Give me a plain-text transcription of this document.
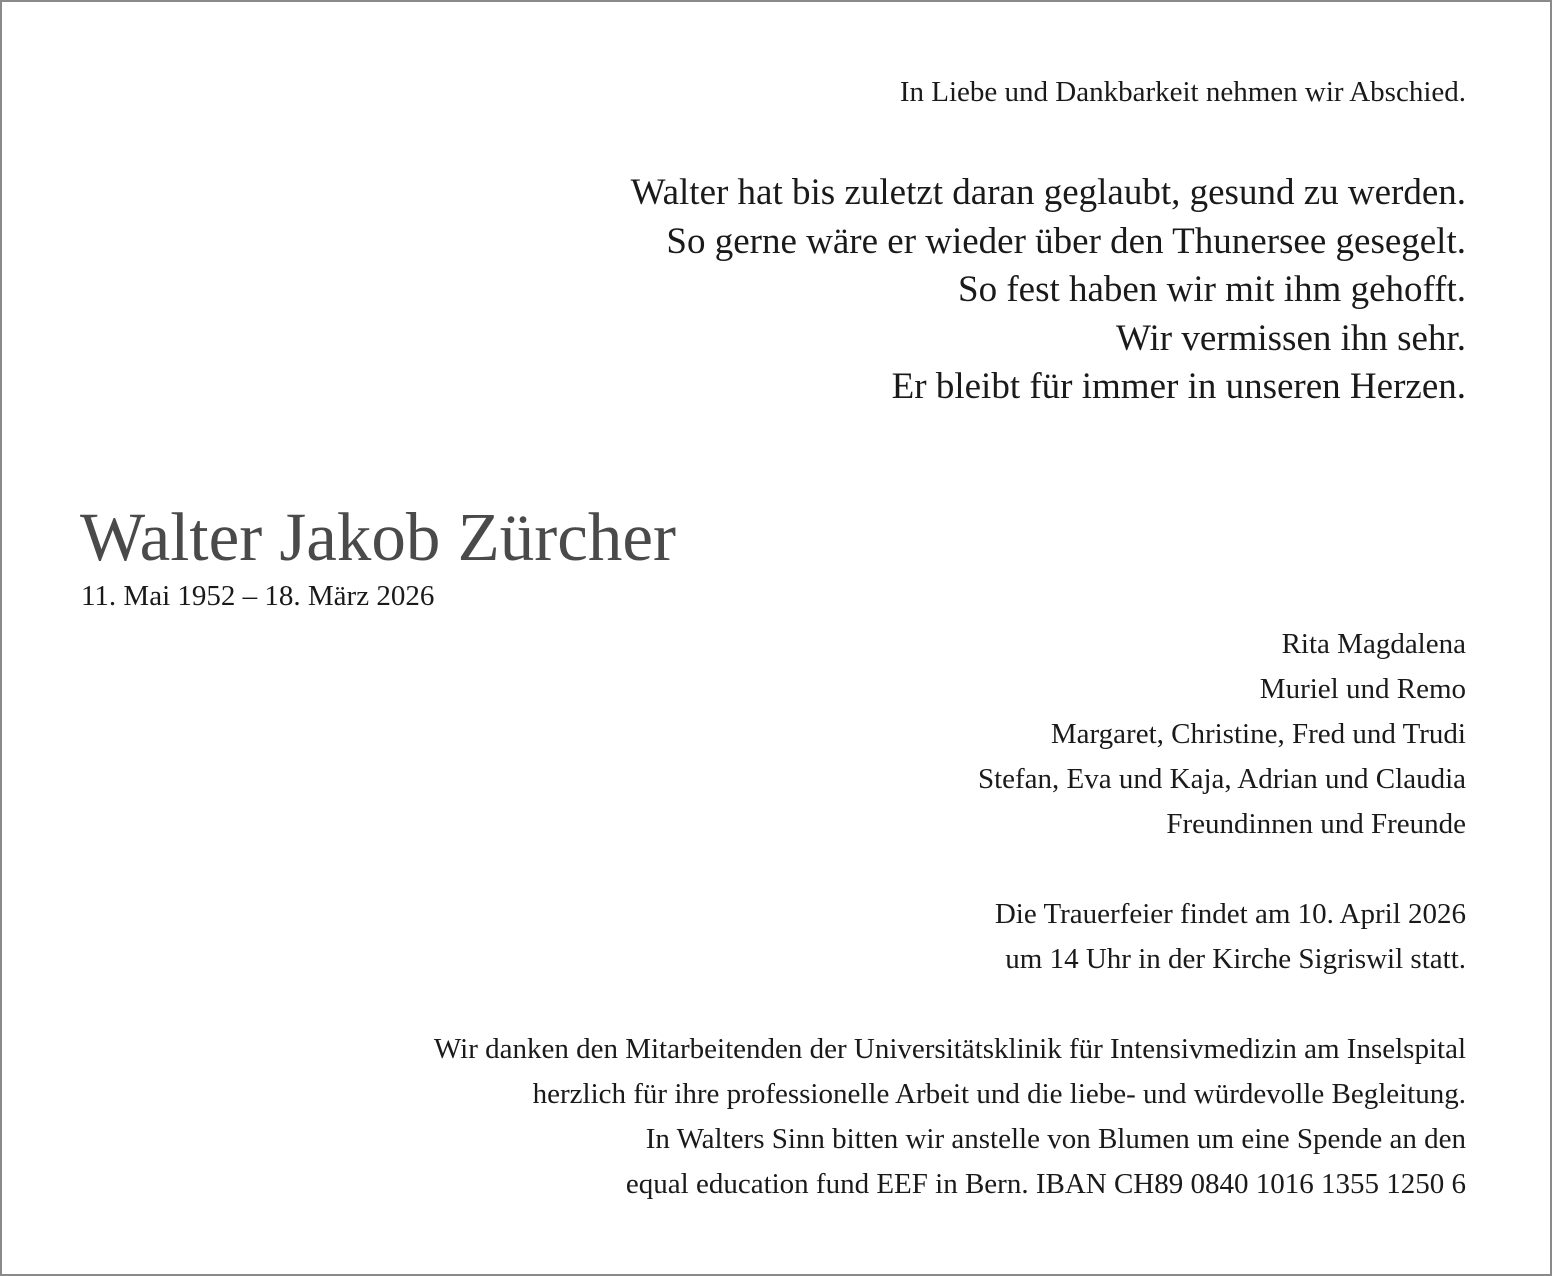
In Liebe und Dankbarkeit nehmen wir Abschied.
Walter hat bis zuletzt daran geglaubt, gesund zu werden.
So gerne wäre er wieder über den Thunersee gesegelt.
So fest haben wir mit ihm gehofft.
Wir vermissen ihn sehr.
Er bleibt für immer in unseren Herzen.
Walter Jakob Zürcher
11. Mai 1952 – 18. März 2026
Rita Magdalena
Muriel und Remo
Margaret, Christine, Fred und Trudi
Stefan, Eva und Kaja, Adrian und Claudia
Freundinnen und Freunde
Die Trauerfeier findet am 10. April 2026
um 14 Uhr in der Kirche Sigriswil statt.
Wir danken den Mitarbeitenden der Universitätsklinik für Intensivmedizin am Inselspital
herzlich für ihre professionelle Arbeit und die liebe- und würdevolle Begleitung.
In Walters Sinn bitten wir anstelle von Blumen um eine Spende an den
equal education fund EEF in Bern. IBAN CH89 0840 1016 1355 1250 6
